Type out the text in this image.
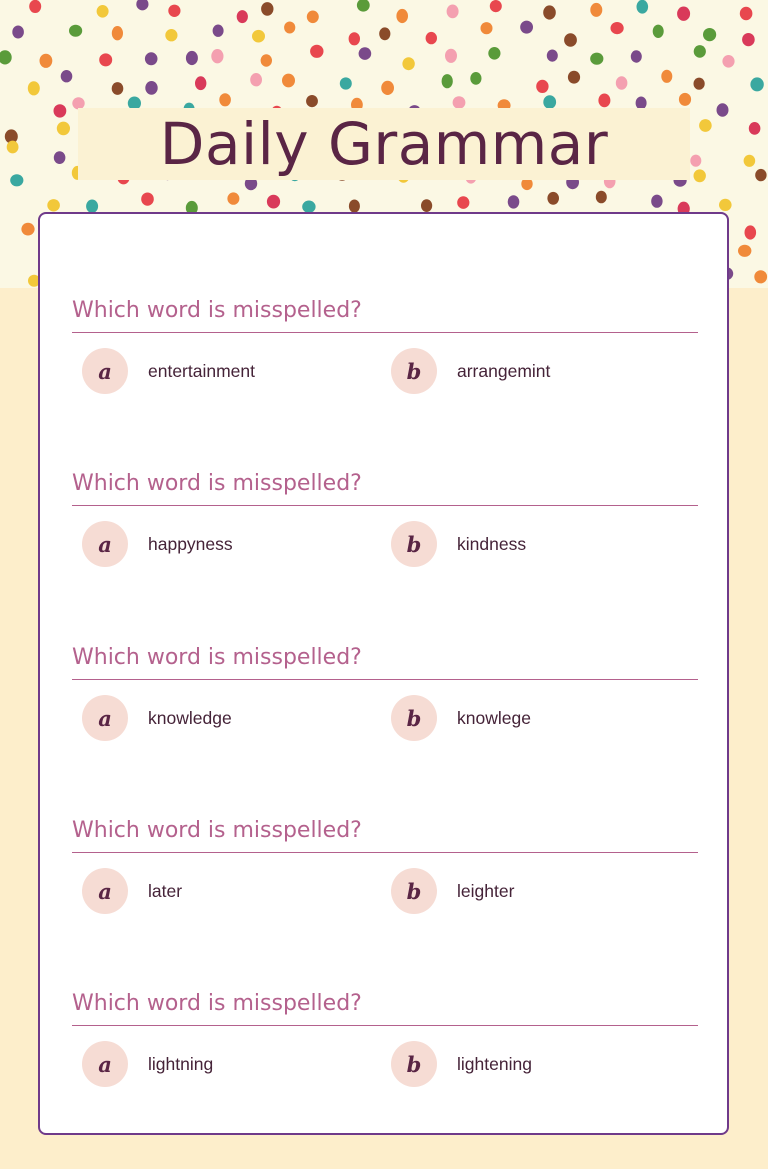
Daily Grammar
Which word is misspelled?
a	entertainment	b	arrangemint
Which word is misspelled?
a	happyness	b	kindness
Which word is misspelled?
a	knowledge	b	knowlege
Which word is misspelled?
a	later	b	leighter
Which word is misspelled?
a	lightning	b	lightening
